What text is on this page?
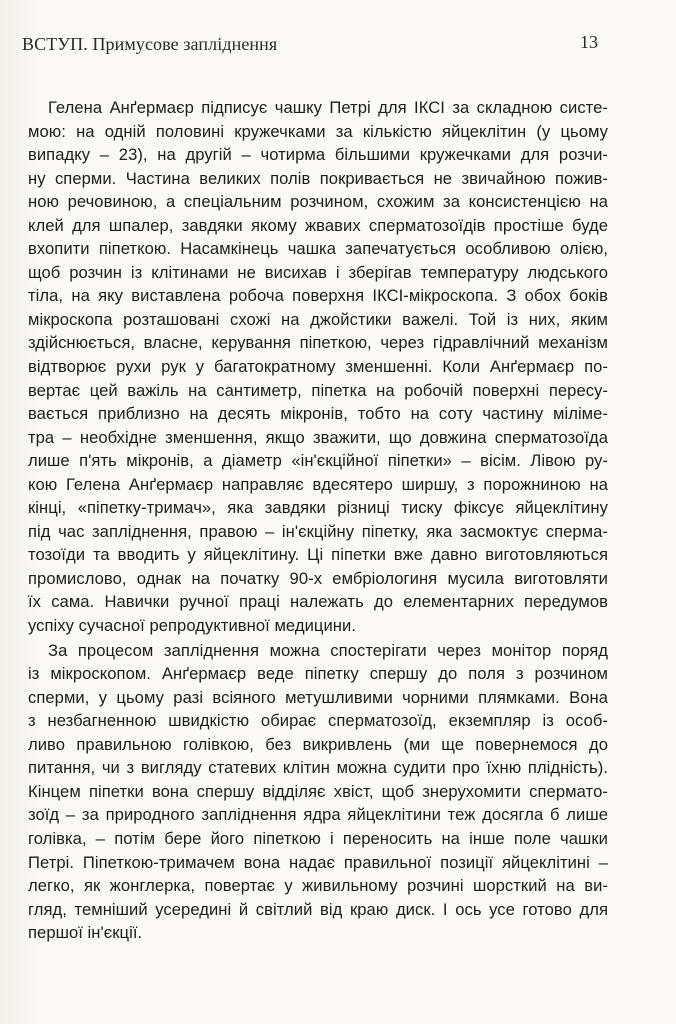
ВСТУП. Примусове запліднення	13
Гелена Анґермаєр підписує чашку Петрі для ІКСІ за складною систе-
мою: на одній половині кружечками за кількістю яйцеклітин (у цьому
випадку – 23), на другій – чотирма більшими кружечками для розчи-
ну сперми. Частина великих полів покривається не звичайною пожив-
ною речовиною, а спеціальним розчином, схожим за консистенцією на
клей для шпалер, завдяки якому жвавих сперматозоїдів простіше буде
вхопити піпеткою. Насамкінець чашка запечатується особливою олією,
щоб розчин із клітинами не висихав і зберігав температуру людського
тіла, на яку виставлена робоча поверхня ІКСІ-мікроскопа. З обох боків
мікроскопа розташовані схожі на джойстики важелі. Той із них, яким
здійснюється, власне, керування піпеткою, через гідравлічний механізм
відтворює рухи рук у багатократному зменшенні. Коли Анґермаєр по-
вертає цей важіль на сантиметр, піпетка на робочій поверхні пересу-
вається приблизно на десять мікронів, тобто на соту частину міліме-
тра – необхідне зменшення, якщо зважити, що довжина сперматозоїда
лише п'ять мікронів, а діаметр «ін'єкційної піпетки» – вісім. Лівою ру-
кою Гелена Анґермаєр направляє вдесятеро ширшу, з порожниною на
кінці, «піпетку-тримач», яка завдяки різниці тиску фіксує яйцеклітину
під час запліднення, правою – ін'єкційну піпетку, яка засмоктує сперма-
тозоїди та вводить у яйцеклітину. Ці піпетки вже давно виготовляються
промислово, однак на початку 90-х ембріологиня мусила виготовляти
їх сама. Навички ручної праці належать до елементарних передумов
успіху сучасної репродуктивної медицини.
За процесом запліднення можна спостерігати через монітор поряд
із мікроскопом. Анґермаєр веде піпетку спершу до поля з розчином
сперми, у цьому разі всіяного метушливими чорними плямками. Вона
з незбагненною швидкістю обирає сперматозоїд, екземпляр із особ-
ливо правильною голівкою, без викривлень (ми ще повернемося до
питання, чи з вигляду статевих клітин можна судити про їхню плідність).
Кінцем піпетки вона спершу відділяє хвіст, щоб знерухомити сперматo-
зоїд – за природного запліднення ядра яйцеклітини теж досягла б лише
голівка, – потім бере його піпеткою і переносить на інше поле чашки
Петрі. Піпеткою-тримачем вона надає правильної позиції яйцеклітині –
легко, як жонглерка, повертає у живильному розчині шорсткий на ви-
гляд, темніший усередині й світлий від краю диск. І ось усе готово для
першої ін'єкції.
